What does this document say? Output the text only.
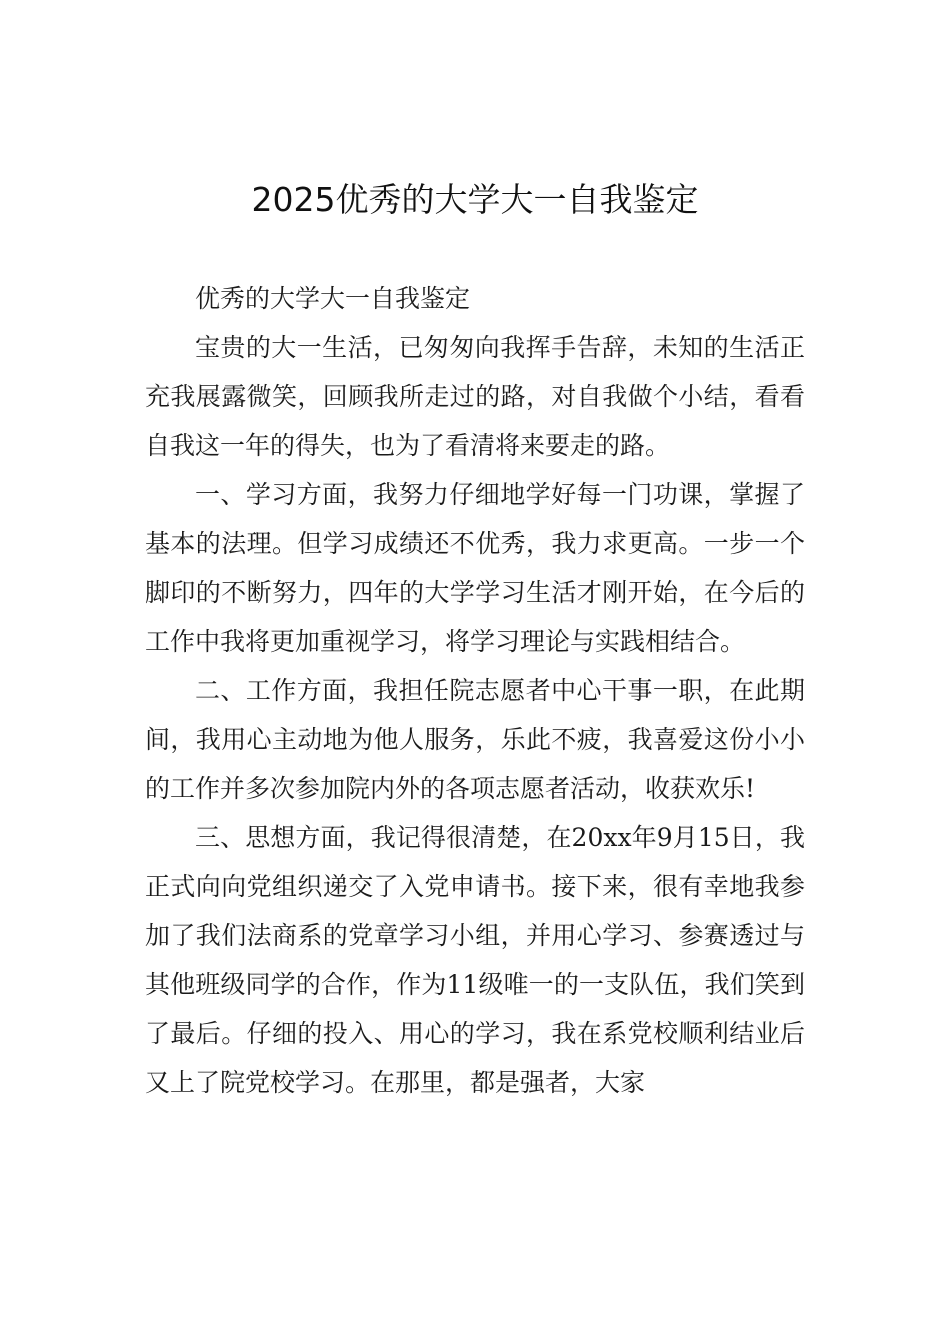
2025优秀的大学大一自我鉴定

优秀的大学大一自我鉴定

宝贵的大一生活，已匆匆向我挥手告辞，未知的生活正充我展露微笑，回顾我所走过的路，对自我做个小结，看看自我这一年的得失，也为了看清将来要走的路。

一、学习方面，我努力仔细地学好每一门功课，掌握了基本的法理。但学习成绩还不优秀，我力求更高。一步一个脚印的不断努力，四年的大学学习生活才刚开始，在今后的工作中我将更加重视学习，将学习理论与实践相结合。

二、工作方面，我担任院志愿者中心干事一职，在此期间，我用心主动地为他人服务，乐此不疲，我喜爱这份小小的工作并多次参加院内外的各项志愿者活动，收获欢乐!

三、思想方面，我记得很清楚，在20xx年9月15日，我正式向向党组织递交了入党申请书。接下来，很有幸地我参加了我们法商系的党章学习小组，并用心学习、参赛透过与其他班级同学的合作，作为11级唯一的一支队伍，我们笑到了最后。仔细的投入、用心的学习，我在系党校顺利结业后又上了院党校学习。在那里，都是强者，大家
